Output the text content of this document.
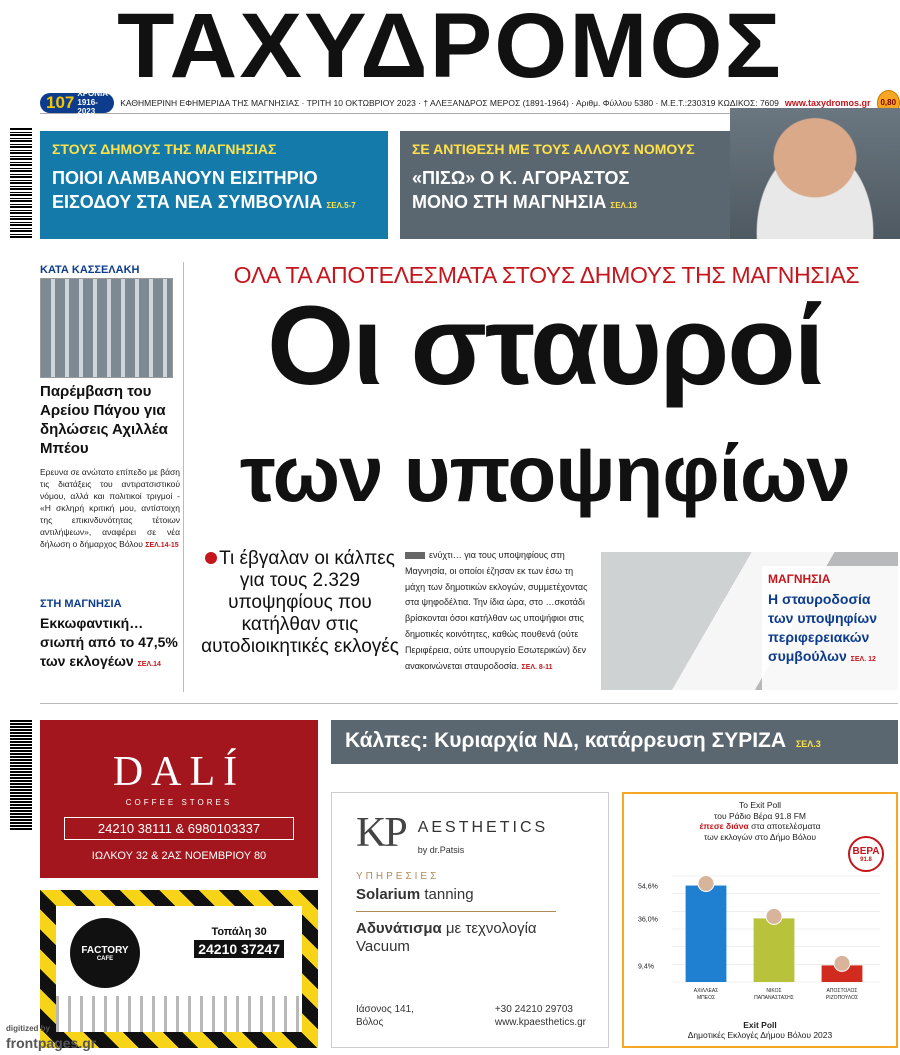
ΤΑΧΥΔΡΟΜΟΣ
107 ΧΡΟΝΙΑ
1916-2023
ΚΑΘΗΜΕΡΙΝΗ ΕΦΗΜΕΡΙΔΑ ΤΗΣ ΜΑΓΝΗΣΙΑΣ · ΤΡΙΤΗ 10 ΟΚΤΩΒΡΙΟΥ 2023 · † ΑΛΕΞΑΝΔΡΟΣ ΜΕΡΟΣ (1891-1964) · Αριθμ. Φύλλου 5380 · Μ.Ε.Τ.:230319 ΚΩΔΙΚΟΣ: 7609 www.taxydromos.gr	0,80
ΣΤΟΥΣ ΔΗΜΟΥΣ ΤΗΣ ΜΑΓΝΗΣΙΑΣ
ΠΟΙΟΙ ΛΑΜΒΑΝΟΥΝ ΕΙΣΙΤΗΡΙΟ
ΕΙΣΟΔΟΥ ΣΤΑ ΝΕΑ ΣΥΜΒΟΥΛΙΑ ΣΕΛ.5-7
ΣΕ ΑΝΤΙΘΕΣΗ ΜΕ ΤΟΥΣ ΑΛΛΟΥΣ ΝΟΜΟΥΣ
«ΠΙΣΩ» Ο Κ. ΑΓΟΡΑΣΤΟΣ
ΜΟΝΟ ΣΤΗ ΜΑΓΝΗΣΙΑ ΣΕΛ.13
ΚΑΤΑ ΚΑΣΣΕΛΑΚΗ
Παρέμβαση του Αρείου Πάγου για δηλώσεις Αχιλλέα Μπέου
Ερευνα σε ανώτατο επίπεδο με βάση τις διατάξεις του αντιρατσιστικού νόμου, αλλά και πολιτικοί τριγμοί - «Η σκληρή κριτική μου, αντίστοιχη της επικινδυνότητας τέτοιων αντιλήψεων», αναφέρει σε νέα δήλωση ο δήμαρχος Βόλου ΣΕΛ.14-15
ΣΤΗ ΜΑΓΝΗΣΙΑ
Εκκωφαντική… σιωπή από το 47,5% των εκλογέων ΣΕΛ.14
ΟΛΑ ΤΑ ΑΠΟΤΕΛΕΣΜΑΤΑ ΣΤΟΥΣ ΔΗΜΟΥΣ ΤΗΣ ΜΑΓΝΗΣΙΑΣ
Οι σταυροί
των υποψηφίων
Τι έβγαλαν οι κάλπες για τους 2.329 υποψηφίους που κατήλθαν στις αυτοδιοικητικές εκλογές
ενύχτι… για τους υποψηφίους στη Μαγνησία, οι οποίοι έζησαν εκ των έσω τη μάχη των δημοτικών εκλογών, συμμετέχοντας στα ψηφοδέλτια. Την ίδια ώρα, στο …σκοτάδι βρίσκονται όσοι κατήλθαν ως υποψήφιοι στις δημοτικές κοινότητες, καθώς πουθενά (ούτε Περιφέρεια, ούτε υπουργείο Εσωτερικών) δεν ανακοινώνεται σταυροδοσία. ΣΕΛ. 8-11
ΜΑΓΝΗΣΙΑ
Η σταυροδοσία των υποψηφίων περιφερειακών συμβούλων ΣΕΛ. 12
DALÍ
COFFEE STORES
24210 38111 & 6980103337
ΙΩΛΚΟΥ 32 & 2ΑΣ ΝΟΕΜΒΡΙΟΥ 80
FACTORY
CAFE
Τοπάλη 30
24210 37247
Κάλπες: Κυριαρχία ΝΔ, κατάρρευση ΣΥΡΙΖΑ ΣΕΛ.3
KP AESTHETICS
by dr.Patsis
ΥΠΗΡΕΣΙΕΣ
Solarium tanning
Αδυνάτισμα με τεχνολογία Vacuum
Ιάσονος 141, Βόλος
+30 24210 29703
www.kpaesthetics.gr
Το Exit Poll
του Ράδιο Βέρα 91.8 FM
έπεσε διάνα στα αποτελέσματα
των εκλογών στο Δήμο Βόλου
ΒΕΡΑ
91.8
54,6%
ΑΧΙΛΛΕΑΣ
ΜΠΕΟΣ
36,0%
ΝΙΚΟΣ
ΠΑΠΑΝΑΣΤΑΣΗΣ
9,4%
ΑΠΟΣΤΟΛΟΣ
ΡΙΖΟΠΟΥΛΟΣ
Exit Poll
Δημοτικές Εκλογές Δήμου Βόλου 2023
digitized by
frontpages.gr
